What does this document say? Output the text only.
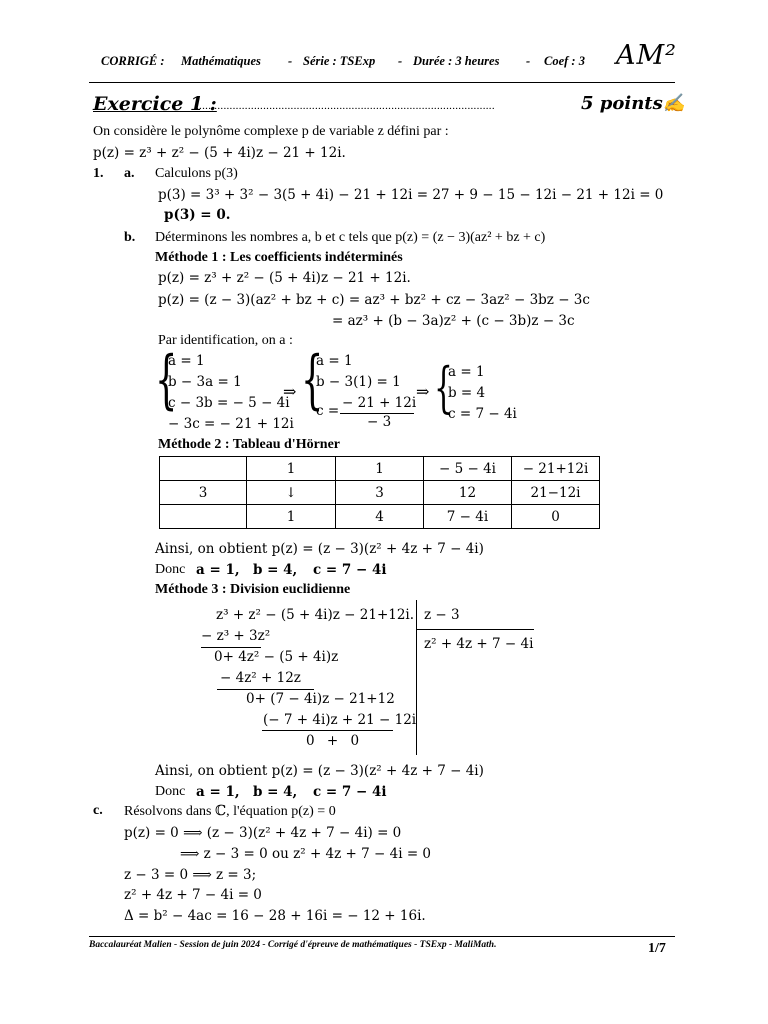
CORRIGÉ : Mathématiques - Série : TSExp - Durée : 3 heures - Coef : 3 AM²
Exercice 1 :
..................................................................................................	5 points✍
On considère le polynôme complexe p de variable z défini par :
p(z) = z³ + z² − (5 + 4i)z − 21 + 12i.
1. a. Calculons p(3)
p(3) = 3³ + 3² − 3(5 + 4i) − 21 + 12i = 27 + 9 − 15 − 12i − 21 + 12i = 0
p(3) = 0.
b. Déterminons les nombres a, b et c tels que p(z) = (z − 3)(az² + bz + c)
Méthode 1 : Les coefficients indéterminés
p(z) = z³ + z² − (5 + 4i)z − 21 + 12i.
p(z) = (z − 3)(az² + bz + c) = az³ + bz² + cz − 3az² − 3bz − 3c
= az³ + (b − 3a)z² + (c − 3b)z − 3c
Par identification, on a :
{
a = 1
b − 3a = 1
c − 3b = − 5 − 4i
− 3c = − 21 + 12i
⇒ {
a = 1
b − 3(1) = 1
c = − 21 + 12i
− 3
⇒ {
a = 1
b = 4
c = 7 − 4i
Méthode 2 : Tableau d'Hörner
	1	1	− 5 − 4i	− 21+12i
3	↓	3	12	21−12i
	1	4	7 − 4i	0
Ainsi, on obtient p(z) = (z − 3)(z² + 4z + 7 − 4i)
Donc a = 1, b = 4, c = 7 − 4i
Méthode 3 : Division euclidienne
z³ + z² − (5 + 4i)z − 21+12i. z − 3
z² + 4z + 7 − 4i
− z³ + 3z²
0+ 4z² − (5 + 4i)z
− 4z² + 12z
0+ (7 − 4i)z − 21+12
(− 7 + 4i)z + 21 − 12i
0 + 0
Ainsi, on obtient p(z) = (z − 3)(z² + 4z + 7 − 4i)
Donc a = 1, b = 4, c = 7 − 4i
c. Résolvons dans ℂ, l'équation p(z) = 0
p(z) = 0 ⟹ (z − 3)(z² + 4z + 7 − 4i) = 0
⟹ z − 3 = 0 ou z² + 4z + 7 − 4i = 0
z − 3 = 0 ⟹ z = 3;
z² + 4z + 7 − 4i = 0
Δ = b² − 4ac = 16 − 28 + 16i = − 12 + 16i.
Baccalauréat Malien - Session de juin 2024 - Corrigé d'épreuve de mathématiques - TSExp - MaliMath.	1/7
